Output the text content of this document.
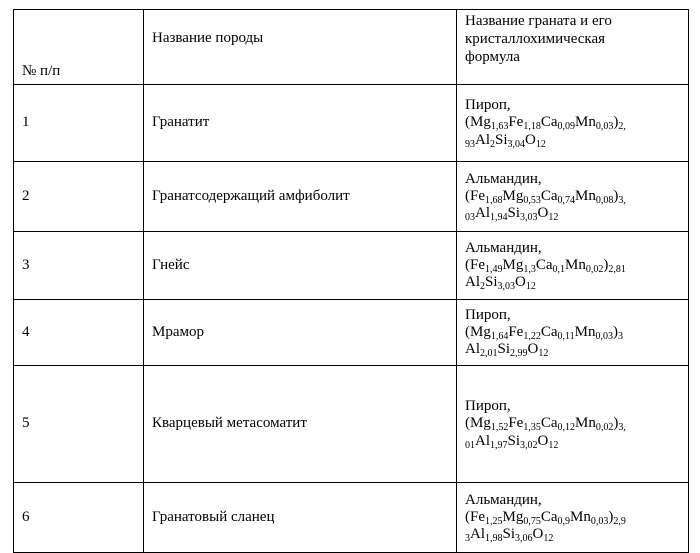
№ п/п	Название породы	Название граната и его
кристаллохимическая
формула

1	Гранатит	Пироп,
$(Mg_{1,63}Fe_{1,18}Ca_{0,09}Mn_{0,03})_{2,}$
$_{93}Al_2Si_{3,04}O_{12}$

2	Гранатсодержащий амфиболит	Альмандин,
$(Fe_{1,68}Mg_{0,53}Ca_{0,74}Mn_{0,08})_{3,}$
$_{03}Al_{1,94}Si_{3,03}O_{12}$

3	Гнейс	Альмандин,
$(Fe_{1,49}Mg_{1,3}Ca_{0,1}Mn_{0,02})_{2,81}$
$Al_2Si_{3,03}O_{12}$

4	Мрамор	Пироп,
$(Mg_{1,64}Fe_{1,22}Ca_{0,11}Mn_{0,03})_3$
$Al_{2,01}Si_{2,99}O_{12}$

5	Кварцевый метасоматит	Пироп,
$(Mg_{1,52}Fe_{1,35}Ca_{0,12}Mn_{0,02})_{3,}$
$_{01}Al_{1,97}Si_{3,02}O_{12}$

6	Гранатовый сланец	Альмандин,
$(Fe_{1,25}Mg_{0,75}Ca_{0,9}Mn_{0,03})_{2,9}$
$_3Al_{1,98}Si_{3,06}O_{12}$
